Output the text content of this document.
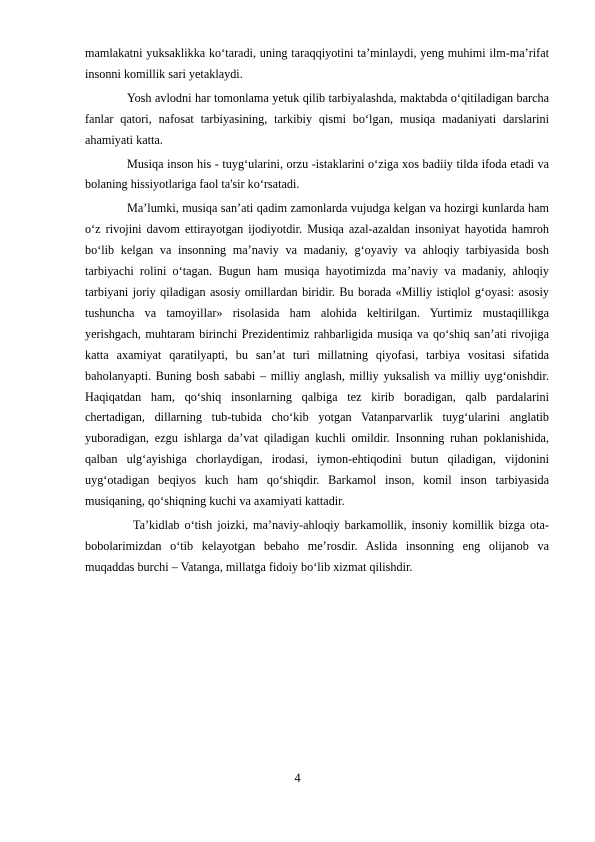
mamlakatni yuksaklikka ko‘taradi, uning taraqqiyotini taʼminlaydi, yeng muhimi ilm-maʼrifat insonni komillik sari yetaklaydi.

Yosh avlodni har tomonlama yetuk qilib tarbiyalashda, maktabda o‘qitiladigan barcha fanlar qatori, nafosat tarbiyasining, tarkibiy qismi bo‘lgan, musiqa madaniyati darslarini ahamiyati katta.

Musiqa inson his - tuyg‘ularini, orzu -istaklarini o‘ziga xos badiiy tilda ifoda etadi va bolaning hissiyotlariga faol ta'sir ko‘rsatadi.

Maʼlumki, musiqa sanʼati qadim zamonlarda vujudga kelgan va hozirgi kunlarda ham o‘z rivojini davom ettirayotgan ijodiyotdir. Musiqa azal-azaldan insoniyat hayotida hamroh bo‘lib kelgan va insonning maʼnaviy va madaniy, g‘oyaviy va ahloqiy tarbiyasida bosh tarbiyachi rolini o‘tagan. Bugun ham musiqa hayotimizda maʼnaviy va madaniy, ahloqiy tarbiyani joriy qiladigan asosiy omillardan biridir. Bu borada «Milliy istiqlol g‘oyasi: asosiy tushuncha va tamoyillar» risolasida ham alohida keltirilgan. Yurtimiz mustaqillikga yerishgach, muhtaram birinchi Prezidentimiz rahbarligida musiqa va qo‘shiq sanʼati rivojiga katta axamiyat qaratilyapti, bu sanʼat turi millatning qiyofasi, tarbiya vositasi sifatida baholanyapti. Buning bosh sababi – milliy anglash, milliy yuksalish va milliy uyg‘onishdir. Haqiqatdan ham, qo‘shiq insonlarning qalbiga tez kirib boradigan, qalb pardalarini chertadigan, dillarning tub-tubida cho‘kib yotgan Vatanparvarlik tuyg‘ularini anglatib yuboradigan, ezgu ishlarga daʼvat qiladigan kuchli omildir. Insonning ruhan poklanishida, qalban ulg‘ayishiga chorlaydigan, irodasi, iymon-ehtiqodini butun qiladigan, vijdonini uyg‘otadigan beqiyos kuch ham qo‘shiqdir. Barkamol inson, komil inson tarbiyasida musiqaning, qo‘shiqning kuchi va axamiyati kattadir.

Taʼkidlab o‘tish joizki, maʼnaviy-ahloqiy barkamollik, insoniy komillik bizga ota-bobolarimizdan o‘tib kelayotgan bebaho meʼrosdir. Aslida insonning eng olijanob va muqaddas burchi – Vatanga, millatga fidoiy bo‘lib xizmat qilishdir.

4
